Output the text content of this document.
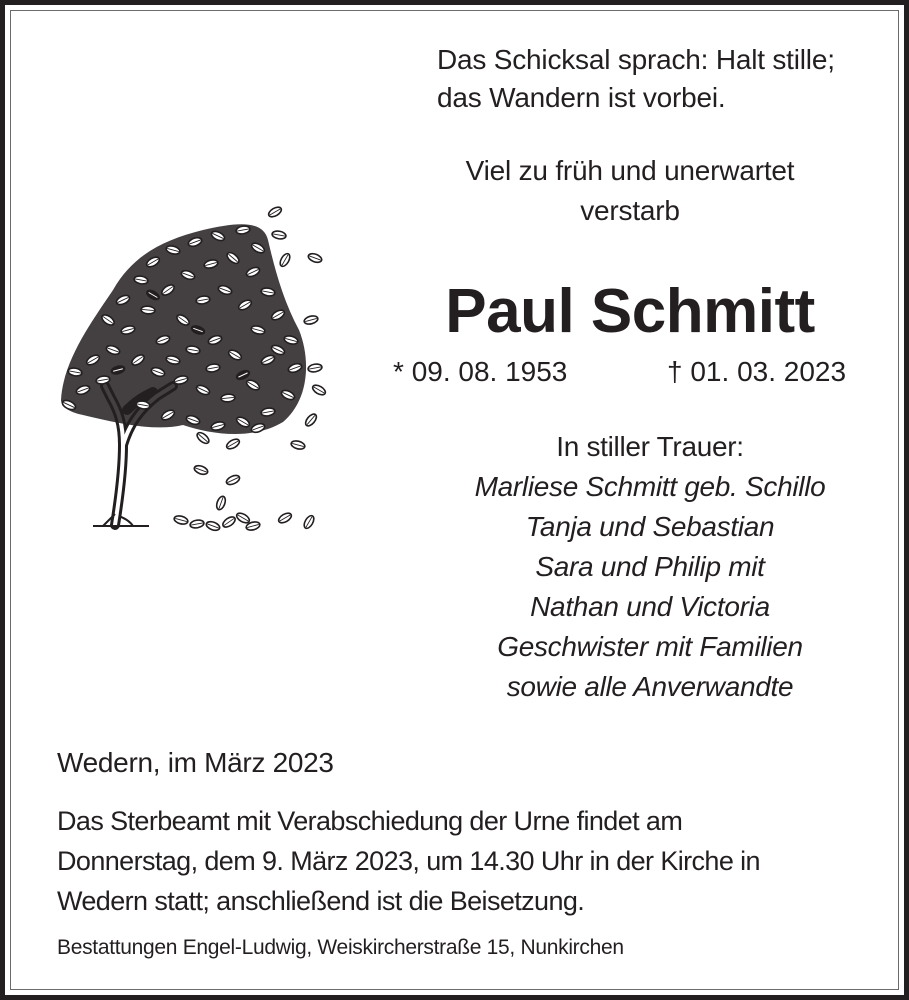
Das Schicksal sprach: Halt stille;
das Wandern ist vorbei.
Viel zu früh und unerwartet
verstarb
Paul Schmitt
* 09. 08. 1953	† 01. 03. 2023
In stiller Trauer:
Marliese Schmitt geb. Schillo
Tanja und Sebastian
Sara und Philip mit
Nathan und Victoria
Geschwister mit Familien
sowie alle Anverwandte
Wedern, im März 2023
Das Sterbeamt mit Verabschiedung der Urne findet am
Donnerstag, dem 9. März 2023, um 14.30 Uhr in der Kirche in
Wedern statt; anschließend ist die Beisetzung.
Bestattungen Engel-Ludwig, Weiskircherstraße 15, Nunkirchen
